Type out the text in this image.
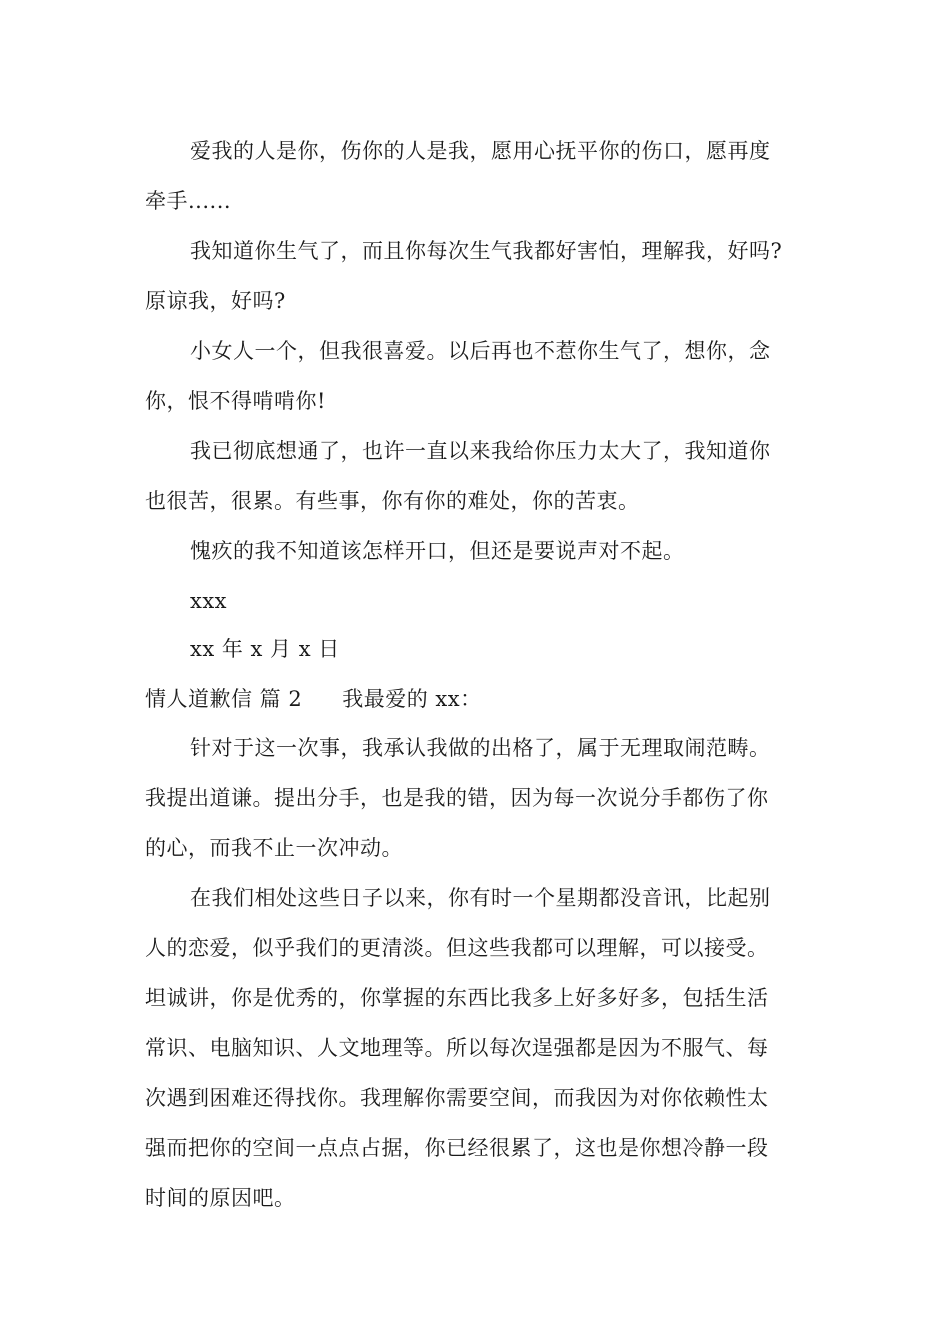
爱我的人是你，伤你的人是我，愿用心抚平你的伤口，愿再度
牵手......
我知道你生气了，而且你每次生气我都好害怕，理解我，好吗?
原谅我，好吗?
小女人一个，但我很喜爱。以后再也不惹你生气了，想你，念
你，恨不得啃啃你!
我已彻底想通了，也许一直以来我给你压力太大了，我知道你
也很苦，很累。有些事，你有你的难处，你的苦衷。
愧疚的我不知道该怎样开口，但还是要说声对不起。
xxx
xx 年 x 月 x 日
情人道歉信 篇 2 我最爱的 xx：
针对于这一次事，我承认我做的出格了，属于无理取闹范畴。
我提出道谦。提出分手，也是我的错，因为每一次说分手都伤了你
的心，而我不止一次冲动。
在我们相处这些日子以来，你有时一个星期都没音讯，比起别
人的恋爱，似乎我们的更清淡。但这些我都可以理解，可以接受。
坦诚讲，你是优秀的，你掌握的东西比我多上好多好多，包括生活
常识、电脑知识、人文地理等。所以每次逞强都是因为不服气、每
次遇到困难还得找你。我理解你需要空间，而我因为对你依赖性太
强而把你的空间一点点占据，你已经很累了，这也是你想冷静一段
时间的原因吧。
